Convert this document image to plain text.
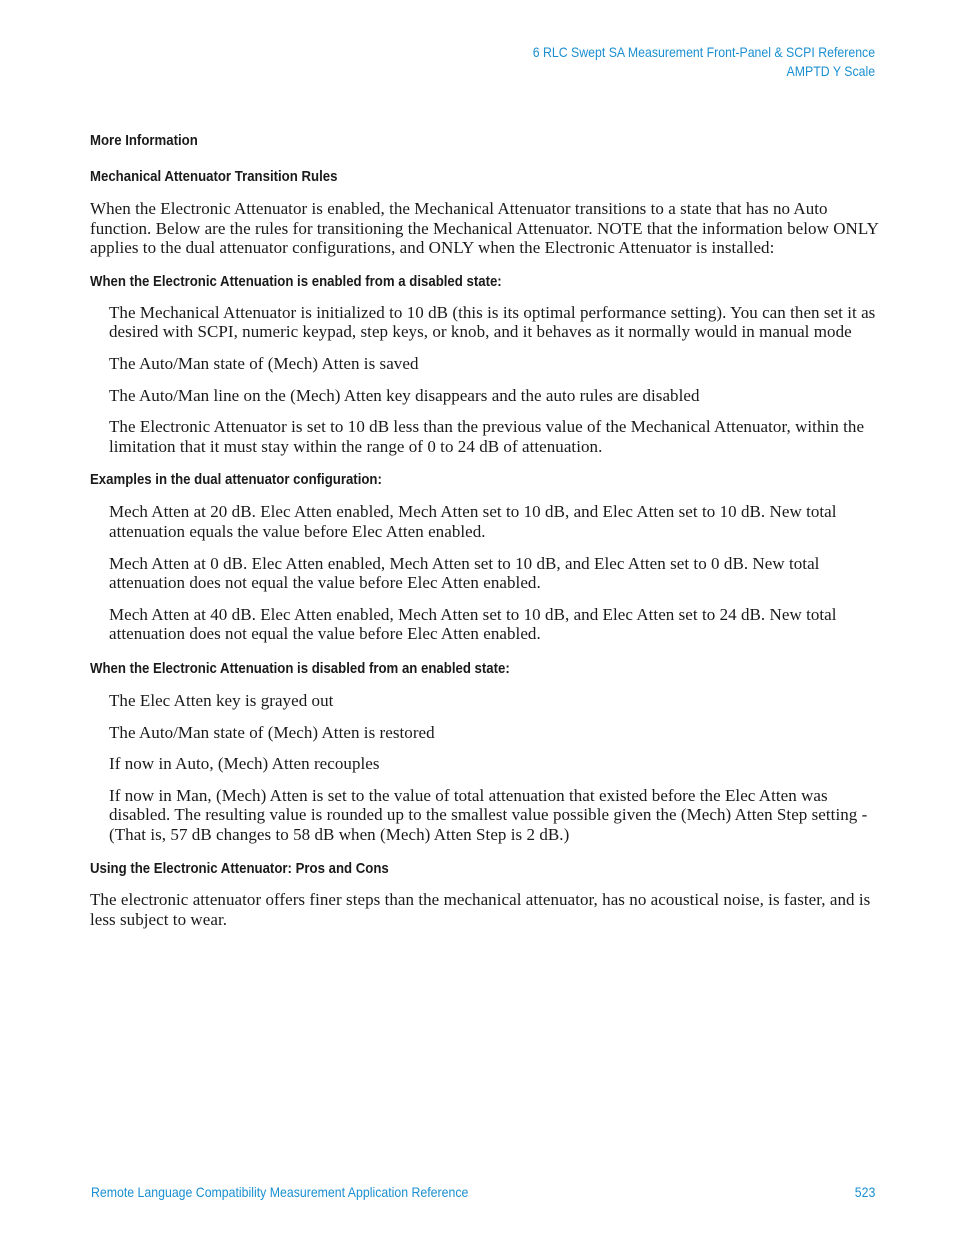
6 RLC Swept SA Measurement Front-Panel & SCPI Reference
AMPTD Y Scale
More Information
Mechanical Attenuator Transition Rules

When the Electronic Attenuator is enabled, the Mechanical Attenuator transitions to a state that has no Auto function. Below are the rules for transitioning the Mechanical Attenuator. NOTE that the information below ONLY applies to the dual attenuator configurations, and ONLY when the Electronic Attenuator is installed:

When the Electronic Attenuation is enabled from a disabled state:

The Mechanical Attenuator is initialized to 10 dB (this is its optimal performance setting). You can then set it as desired with SCPI, numeric keypad, step keys, or knob, and it behaves as it normally would in manual mode

The Auto/Man state of (Mech) Atten is saved

The Auto/Man line on the (Mech) Atten key disappears and the auto rules are disabled

The Electronic Attenuator is set to 10 dB less than the previous value of the Mechanical Attenuator, within the limitation that it must stay within the range of 0 to 24 dB of attenuation.

Examples in the dual attenuator configuration:

Mech Atten at 20 dB. Elec Atten enabled, Mech Atten set to 10 dB, and Elec Atten set to 10 dB. New total attenuation equals the value before Elec Atten enabled.

Mech Atten at 0 dB. Elec Atten enabled, Mech Atten set to 10 dB, and Elec Atten set to 0 dB. New total attenuation does not equal the value before Elec Atten enabled.

Mech Atten at 40 dB. Elec Atten enabled, Mech Atten set to 10 dB, and Elec Atten set to 24 dB. New total attenuation does not equal the value before Elec Atten enabled.

When the Electronic Attenuation is disabled from an enabled state:

The Elec Atten key is grayed out

The Auto/Man state of (Mech) Atten is restored

If now in Auto, (Mech) Atten recouples

If now in Man, (Mech) Atten is set to the value of total attenuation that existed before the Elec Atten was disabled. The resulting value is rounded up to the smallest value possible given the (Mech) Atten Step setting - (That is, 57 dB changes to 58 dB when (Mech) Atten Step is 2 dB.)

Using the Electronic Attenuator: Pros and Cons

The electronic attenuator offers finer steps than the mechanical attenuator, has no acoustical noise, is faster, and is less subject to wear.

Remote Language Compatibility Measurement Application Reference	523
